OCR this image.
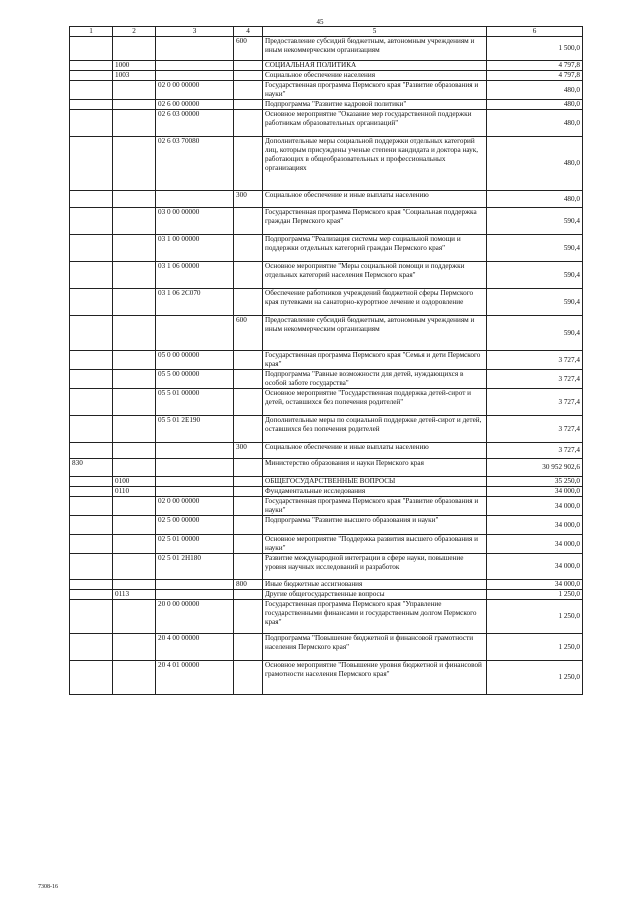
45
1	2	3	4	5	6
			600	Предоставление субсидий бюджетным, автономным учреждениям и иным некоммерческим организациям	1 500,0
	1000			СОЦИАЛЬНАЯ ПОЛИТИКА	4 797,8
	1003			Социальное обеспечение населения	4 797,8
		02 0 00 00000		Государственная программа Пермского края "Развитие образования и науки"	480,0
		02 6 00 00000		Подпрограмма "Развитие кадровой политики"	480,0
		02 6 03 00000		Основное мероприятие "Оказание мер государственной поддержки работникам образовательных организаций"	480,0
		02 6 03 70080		Дополнительные меры социальной поддержки отдельных категорий лиц, которым присуждены ученые степени кандидата и доктора наук, работающих в общеобразовательных и профессиональных организациях	480,0
			300	Социальное обеспечение и иные выплаты населению	480,0
		03 0 00 00000		Государственная программа Пермского края "Социальная поддержка граждан Пермского края"	590,4
		03 1 00 00000		Подпрограмма "Реализация системы мер социальной помощи и поддержки отдельных категорий граждан Пермского края"	590,4
		03 1 06 00000		Основное мероприятие "Меры социальной помощи и поддержки отдельных категорий населения Пермского края"	590,4
		03 1 06 2С070		Обеспечение работников учреждений бюджетной сферы Пермского края путевками на санаторно-курортное лечение и оздоровление	590,4
			600	Предоставление субсидий бюджетным, автономным учреждениям и иным некоммерческим организациям	590,4
		05 0 00 00000		Государственная программа Пермского края "Семья и дети Пермского края"	3 727,4
		05 5 00 00000		Подпрограмма "Равные возможности для детей, нуждающихся в особой заботе государства"	3 727,4
		05 5 01 00000		Основное мероприятие "Государственная поддержка детей-сирот и детей, оставшихся без попечения родителей"	3 727,4
		05 5 01 2Е190		Дополнительные меры по социальной поддержке детей-сирот и детей, оставшихся без попечения родителей	3 727,4
			300	Социальное обеспечение и иные выплаты населению	3 727,4
830				Министерство образования и науки Пермского края	30 952 902,6
	0100			ОБЩЕГОСУДАРСТВЕННЫЕ ВОПРОСЫ	35 250,0
	0110			Фундаментальные исследования	34 000,0
		02 0 00 00000		Государственная программа Пермского края "Развитие образования и науки"	34 000,0
		02 5 00 00000		Подпрограмма "Развитие высшего образования и науки"	34 000,0
		02 5 01 00000		Основное мероприятие "Поддержка развития высшего образования и науки"	34 000,0
		02 5 01 2Н180		Развитие международной интеграции в сфере науки, повышение уровня научных исследований и разработок	34 000,0
			800	Иные бюджетные ассигнования	34 000,0
	0113			Другие общегосударственные вопросы	1 250,0
		20 0 00 00000		Государственная программа Пермского края "Управление государственными финансами и государственным долгом Пермского края"	1 250,0
		20 4 00 00000		Подпрограмма "Повышение бюджетной и финансовой грамотности населения Пермского края"	1 250,0
		20 4 01 00000		Основное мероприятие "Повышение уровня бюджетной и финансовой грамотности населения Пермского края"	1 250,0
7308-16
